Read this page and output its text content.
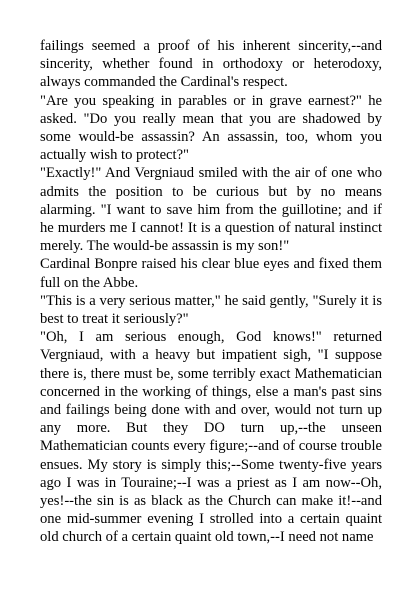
failings seemed a proof of his inherent sincerity,--and sincerity, whether found in orthodoxy or heterodoxy, always commanded the Cardinal's respect.

"Are you speaking in parables or in grave earnest?" he asked. "Do you really mean that you are shadowed by some would-be assassin? An assassin, too, whom you actually wish to protect?"

"Exactly!" And Vergniaud smiled with the air of one who admits the position to be curious but by no means alarming. "I want to save him from the guillotine; and if he murders me I cannot! It is a question of natural instinct merely. The would-be assassin is my son!"

Cardinal Bonpre raised his clear blue eyes and fixed them full on the Abbe.

"This is a very serious matter," he said gently, "Surely it is best to treat it seriously?"

"Oh, I am serious enough, God knows!" returned Vergniaud, with a heavy but impatient sigh, "I suppose there is, there must be, some terribly exact Mathematician concerned in the working of things, else a man's past sins and failings being done with and over, would not turn up any more. But they DO turn up,--the unseen Mathematician counts every figure;--and of course trouble ensues. My story is simply this;--Some twenty-five years ago I was in Touraine;--I was a priest as I am now--Oh, yes!--the sin is as black as the Church can make it!--and one mid-summer evening I strolled into a certain quaint old church of a certain quaint old town,--I need not name
